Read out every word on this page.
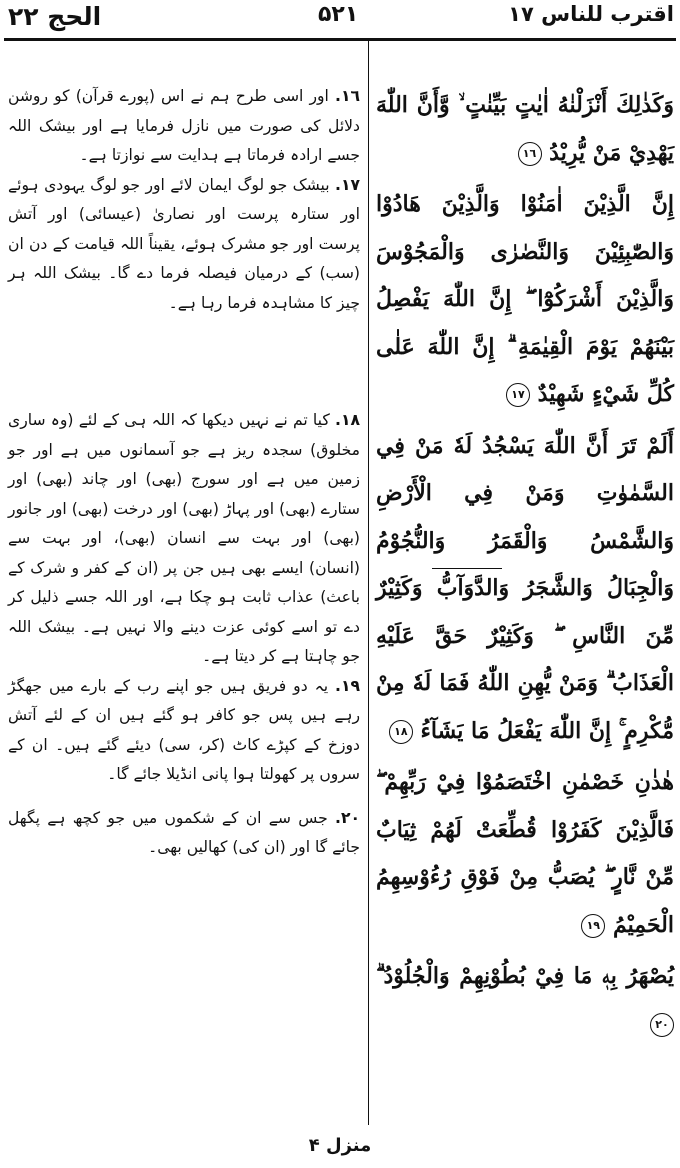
الحج ٢٢	۵۲۱	اقترب للناس ١٧

١٦. اور اسی طرح ہم نے اس (پورے قرآن) کو روشن دلائل کی صورت میں نازل فرمایا ہے اور بیشک اللہ جسے ارادہ فرماتا ہے ہدایت سے نوازتا ہے۔

١٧. بیشک جو لوگ ایمان لائے اور جو لوگ یہودی ہوئے اور ستارہ پرست اور نصاریٰ (عیسائی) اور آتش پرست اور جو مشرک ہوئے، یقیناً اللہ قیامت کے دن ان (سب) کے درمیان فیصلہ فرما دے گا۔ بیشک اللہ ہر چیز کا مشاہدہ فرما رہا ہے۔

١٨. کیا تم نے نہیں دیکھا کہ اللہ ہی کے لئے (وہ ساری مخلوق) سجدہ ریز ہے جو آسمانوں میں ہے اور جو زمین میں ہے اور سورج (بھی) اور چاند (بھی) اور ستارے (بھی) اور پہاڑ (بھی) اور درخت (بھی) اور جانور (بھی) اور بہت سے انسان (بھی)، اور بہت سے (انسان) ایسے بھی ہیں جن پر (ان کے کفر و شرک کے باعث) عذاب ثابت ہو چکا ہے، اور اللہ جسے ذلیل کر دے تو اسے کوئی عزت دینے والا نہیں ہے۔ بیشک اللہ جو چاہتا ہے کر دیتا ہے۔

١٩. یہ دو فریق ہیں جو اپنے رب کے بارے میں جھگڑ رہے ہیں پس جو کافر ہو گئے ہیں ان کے لئے آتش دوزخ کے کپڑے کاٹ (کر، سی) دیئے گئے ہیں۔ ان کے سروں پر کھولتا ہوا پانی انڈیلا جائے گا۔

٢٠. جس سے ان کے شکموں میں جو کچھ ہے پگھل جائے گا اور (ان کی) کھالیں بھی۔

وَكَذٰلِكَ أَنْزَلْنٰهُ اٰيٰتٍ بَيِّنٰتٍ ۙ وَّأَنَّ اللّٰهَ يَهْدِيْ مَنْ يُّرِيْدُ ١٦

إِنَّ الَّذِيْنَ اٰمَنُوْا وَالَّذِيْنَ هَادُوْا وَالصّٰبِئِيْنَ وَالنَّصٰرٰى وَالْمَجُوْسَ وَالَّذِيْنَ أَشْرَكُوْٓا ۖ إِنَّ اللّٰهَ يَفْصِلُ بَيْنَهُمْ يَوْمَ الْقِيٰمَةِ ۗ إِنَّ اللّٰهَ عَلٰى كُلِّ شَيْءٍ شَهِيْدٌ ١٧

أَلَمْ تَرَ أَنَّ اللّٰهَ يَسْجُدُ لَهٗ مَنْ فِي السَّمٰوٰتِ وَمَنْ فِي الْأَرْضِ وَالشَّمْسُ وَالْقَمَرُ وَالنُّجُوْمُ وَالْجِبَالُ وَالشَّجَرُ وَالدَّوَآبُّ وَكَثِيْرٌ مِّنَ النَّاسِ ۖ وَكَثِيْرٌ حَقَّ عَلَيْهِ الْعَذَابُ ۗ وَمَنْ يُّهِنِ اللّٰهُ فَمَا لَهٗ مِنْ مُّكْرِمٍ ۚ إِنَّ اللّٰهَ يَفْعَلُ مَا يَشَآءُ ١٨

هٰذٰنِ خَصْمٰنِ اخْتَصَمُوْا فِيْ رَبِّهِمْ ۖ فَالَّذِيْنَ كَفَرُوْا قُطِّعَتْ لَهُمْ ثِيَابٌ مِّنْ نَّارٍ ۖ يُصَبُّ مِنْ فَوْقِ رُءُوْسِهِمُ الْحَمِيْمُ ١٩

يُصْهَرُ بِهٖ مَا فِيْ بُطُوْنِهِمْ وَالْجُلُوْدُ ۗ ٢٠

منزل ۴
